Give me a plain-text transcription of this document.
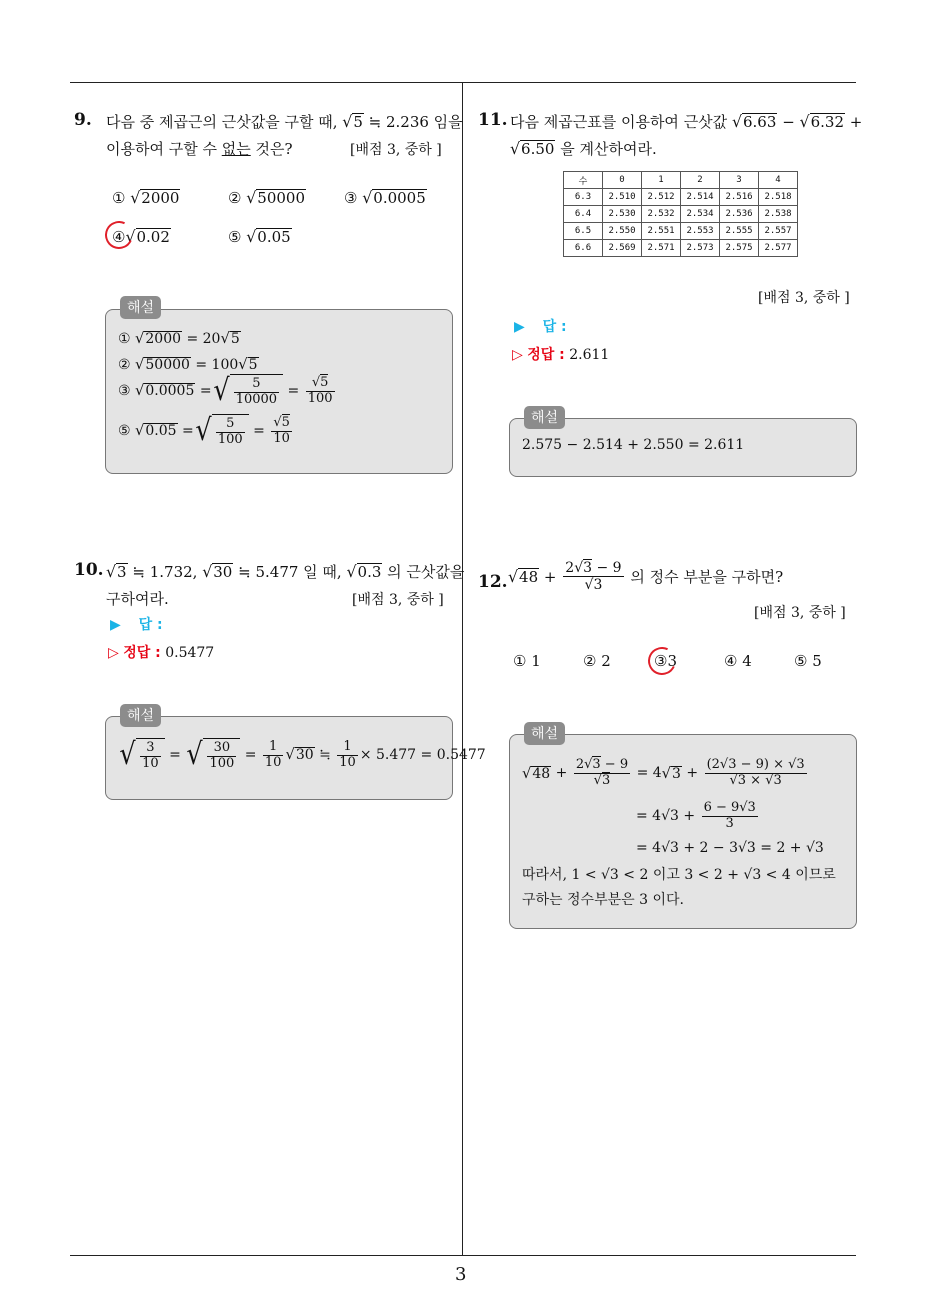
3
9. 다음 중 제곱근의 근삿값을 구할 때, √5 ≒ 2.236 임을
이용하여 구할 수 없는 것은?	[배점 3, 중하 ]
① √2000	② √50000	③ √0.0005
④√0.02	⑤ √0.05
해설
①
√2000
= 20 √5
②
√50000
= 100 √5
③
√0.0005
= √ $\frac{5}{10000} = \frac{√5}{100}$
⑤
√0.05
= √ $\frac{5}{100} = \frac{√5}{10}$
10. √3 ≒ 1.732, √30 ≒ 5.477 일 때, √0.3 의 근삿값을
구하여라.	[배점 3, 중하 ]
▶ 답 :
▷ 정답 : 0.5477
해설
√ $\frac{3}{10}$ = √ $\frac{30}{100} = \frac{1}{10} √30$
≒
$\frac{1}{10} \times 5.477 = 0.5477$
11. 다음 제곱근표를 이용하여 근삿값 √6.63 − √6.32 +
√6.50 을 계산하여라.
수	0	1	2	3	4
6.3	2.510	2.512	2.514	2.516	2.518
6.4	2.530	2.532	2.534	2.536	2.538
6.5	2.550	2.551	2.553	2.555	2.557
6.6	2.569	2.571	2.573	2.575	2.577
[배점 3, 중하 ]
▶ 답 :
▷ 정답 : 2.611
해설
2.575 − 2.514 + 2.550 = 2.611
12. √48
+
$\frac{2√3 - 9}{√3}$
의 정수 부분을 구하면?
[배점 3, 중하 ]
① 1	② 2	③3	④ 4	⑤ 5
해설
$√48 + \frac{2√3 - 9}{√3}$
= 4 √3
+
$\frac{(2√3 - 9) \times √3}{√3 \times √3}$
= 4√3 +
$\frac{6 - 9√3}{3}$
= 4√3 + 2 − 3√3 = 2 + √3
따라서, 1 < √3 < 2 이고 3 < 2 + √3 < 4 이므로
구하는 정수부분은 3 이다.
